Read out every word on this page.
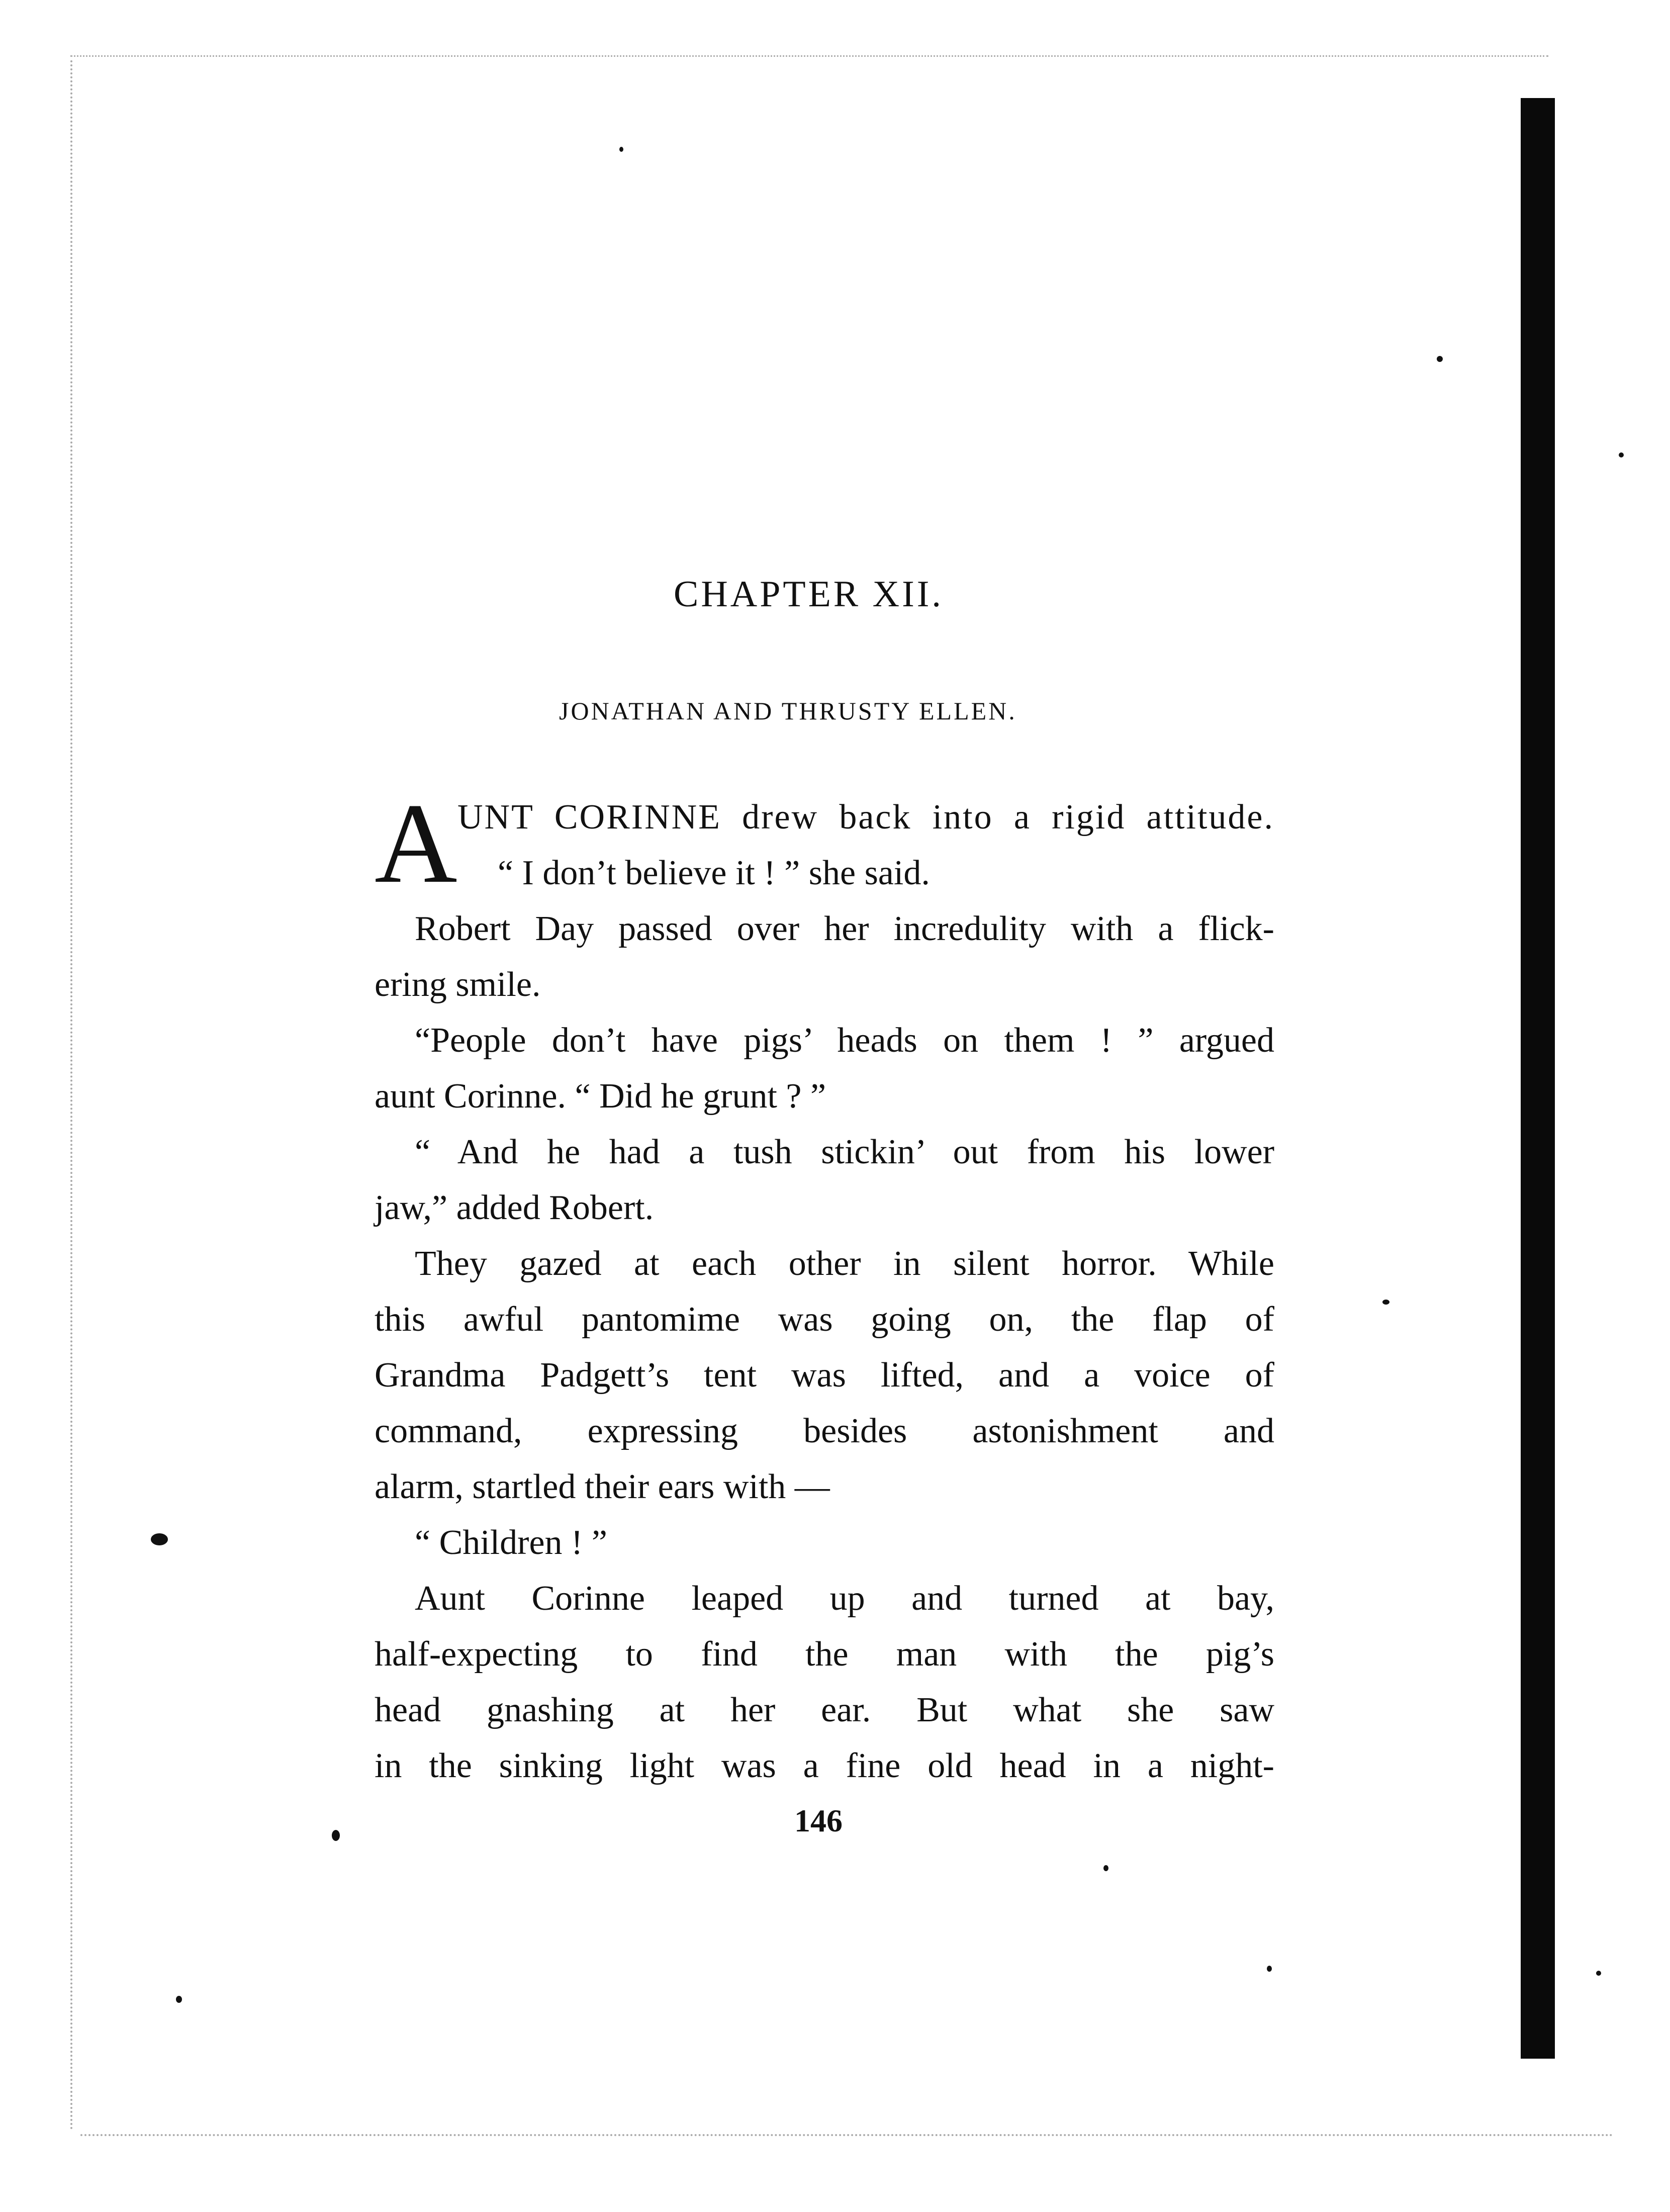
CHAPTER XII.
JONATHAN AND THRUSTY ELLEN.
A UNT CORINNE drew back into a rigid attitude.
“ I don’t believe it ! ” she said.
Robert Day passed over her incredulity with a flick-
ering smile.
“People don’t have pigs’ heads on them ! ” argued
aunt Corinne. “ Did he grunt ? ”
“ And he had a tush stickin’ out from his lower
jaw,” added Robert.
They gazed at each other in silent horror. While
this awful pantomime was going on, the flap of
Grandma Padgett’s tent was lifted, and a voice of
command, expressing besides astonishment and
alarm, startled their ears with —
“ Children ! ”
Aunt Corinne leaped up and turned at bay,
half-expecting to find the man with the pig’s
head gnashing at her ear. But what she saw
in the sinking light was a fine old head in a night-
146
